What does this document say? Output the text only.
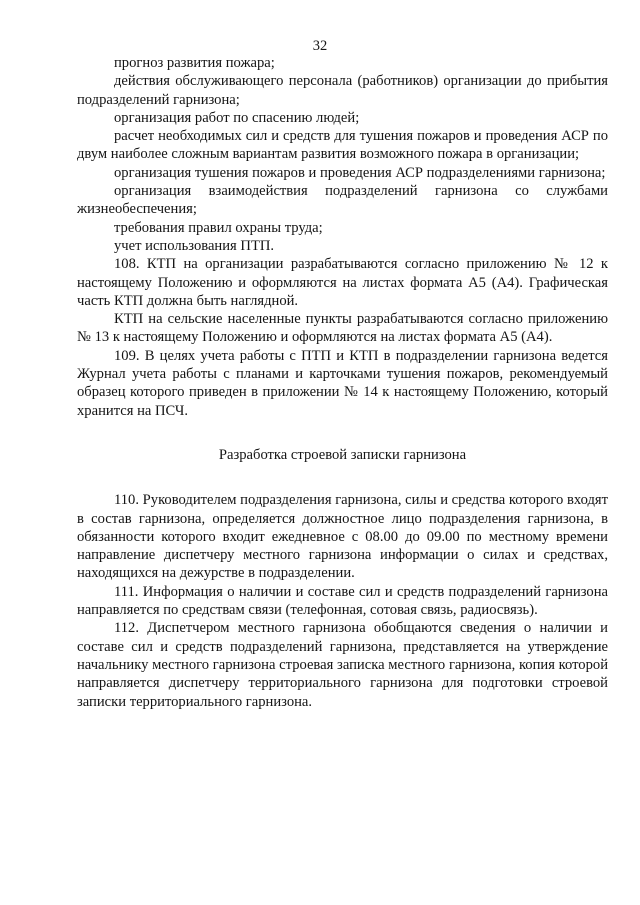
32

прогноз развития пожара;

действия обслуживающего персонала (работников) организации до прибытия подразделений гарнизона;

организация работ по спасению людей;

расчет необходимых сил и средств для тушения пожаров и проведения АСР по двум наиболее сложным вариантам развития возможного пожара в организации;

организация тушения пожаров и проведения АСР подразделениями гарнизона;

организация взаимодействия подразделений гарнизона со службами жизнеобеспечения;

требования правил охраны труда;

учет использования ПТП.

108. КТП на организации разрабатываются согласно приложению № 12 к настоящему Положению и оформляются на листах формата А5 (А4). Графическая часть КТП должна быть наглядной.

КТП на сельские населенные пункты разрабатываются согласно приложению № 13 к настоящему Положению и оформляются на листах формата А5 (А4).

109. В целях учета работы с ПТП и КТП в подразделении гарнизона ведется Журнал учета работы с планами и карточками тушения пожаров, рекомендуемый образец которого приведен в приложении № 14 к настоящему Положению, который хранится на ПСЧ.

Разработка строевой записки гарнизона

110. Руководителем подразделения гарнизона, силы и средства которого входят в состав гарнизона, определяется должностное лицо подразделения гарнизона, в обязанности которого входит ежедневное с 08.00 до 09.00 по местному времени направление диспетчеру местного гарнизона информации о силах и средствах, находящихся на дежурстве в подразделении.

111. Информация о наличии и составе сил и средств подразделений гарнизона направляется по средствам связи (телефонная, сотовая связь, радиосвязь).

112. Диспетчером местного гарнизона обобщаются сведения о наличии и составе сил и средств подразделений гарнизона, представляется на утверждение начальнику местного гарнизона строевая записка местного гарнизона, копия которой направляется диспетчеру территориального гарнизона для подготовки строевой записки территориального гарнизона.
